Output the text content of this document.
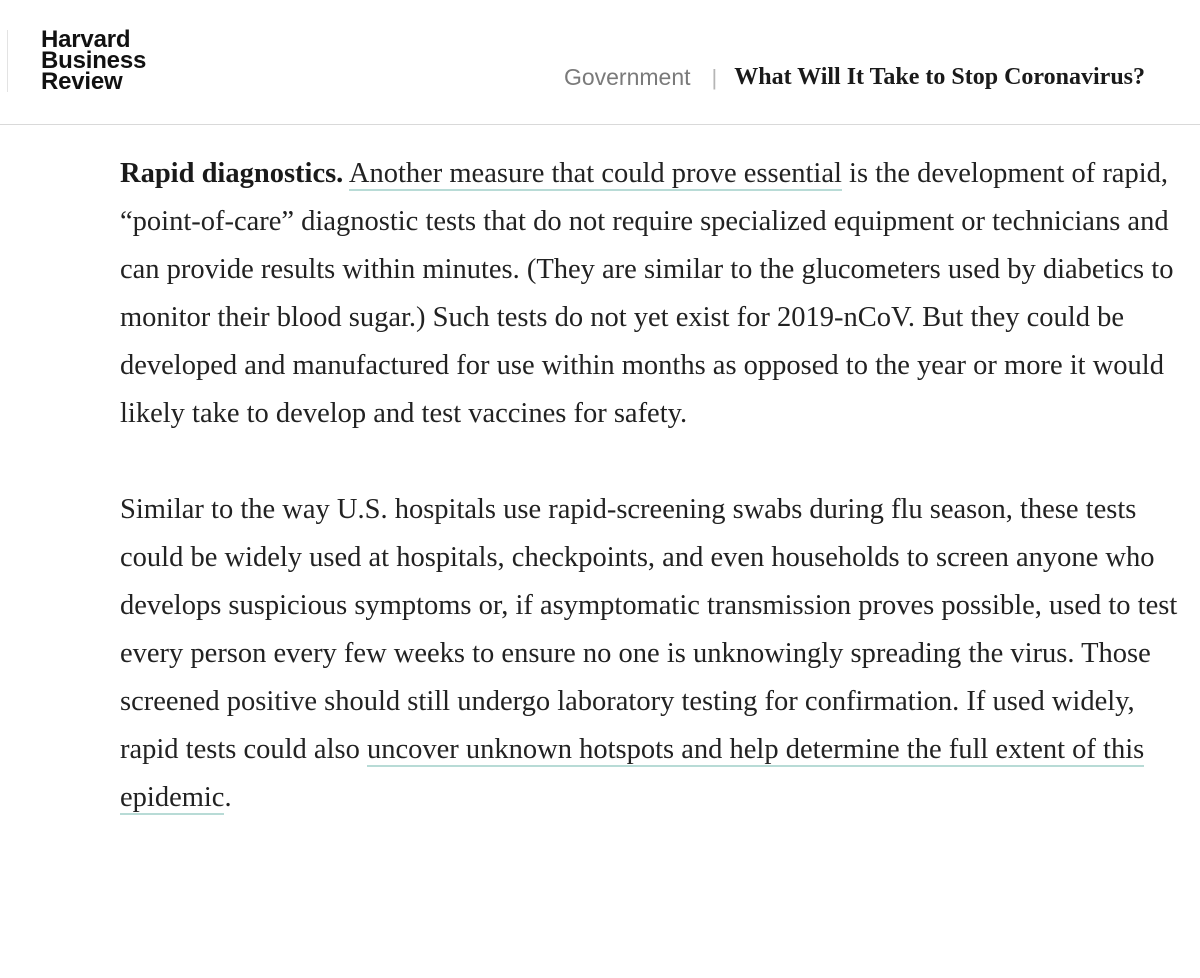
Harvard
Business
Review	Government | What Will It Take to Stop Coronavirus?

Rapid diagnostics. Another measure that could prove essential is the development of rapid, “point-of-care” diagnostic tests that do not require specialized equipment or technicians and can provide results within minutes. (They are similar to the glucometers used by diabetics to monitor their blood sugar.) Such tests do not yet exist for 2019-nCoV. But they could be developed and manufactured for use within months as opposed to the year or more it would likely take to develop and test vaccines for safety.

Similar to the way U.S. hospitals use rapid-screening swabs during flu season, these tests could be widely used at hospitals, checkpoints, and even households to screen anyone who develops suspicious symptoms or, if asymptomatic transmission proves possible, used to test every person every few weeks to ensure no one is unknowingly spreading the virus. Those screened positive should still undergo laboratory testing for confirmation. If used widely, rapid tests could also uncover unknown hotspots and help determine the full extent of this epidemic.
